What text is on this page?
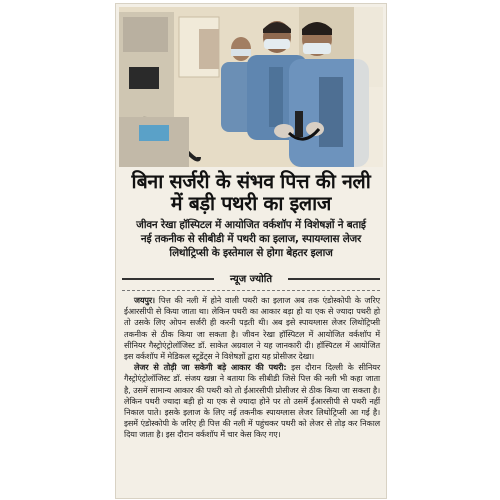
बिना सर्जरी के संभव पित्त की नली
में बड़ी पथरी का इलाज
जीवन रेखा हॉस्पिटल में आयोजित वर्कशॉप में विशेषज्ञों ने बताई
नई तकनीक से सीबीडी में पथरी का इलाज, स्पायग्लास लेजर
लिथोट्रिप्सी के इस्तेमाल से होगा बेहतर इलाज
न्यूज ज्योति

जयपुर। पित्त की नली में होने वाली पथरी का इलाज अब तक एंडोस्कोपी के जरिए ईआरसीपी से किया जाता था। लेकिन पथरी का आकार बड़ा हो या एक से ज्यादा पथरी हो तो उसके लिए ओपन सर्जरी ही करनी पड़ती थी। अब इसे स्पायग्लास लेजर लिथोट्रिप्सी तकनीक से ठीक किया जा सकता है। जीवन रेखा हॉस्पिटल में आयोजित वर्कशॉप में सीनियर गैस्ट्रोएंट्रोलॉजिस्ट डॉ. साकेत अग्रवाल ने यह जानकारी दी। हॉस्पिटल में आयोजित इस वर्कशॉप में मेडिकल स्टूडेंट्स ने विशेषज्ञों द्वारा यह प्रोसीजर देखा।

लेजर से तोड़ी जा सकेगी बड़े आकार की पथरी: इस दौरान दिल्ली के सीनियर गैस्ट्रोएंट्रोलॉजिस्ट डॉ. संजय खन्ना ने बताया कि सीबीडी जिसे पित्त की नली भी कहा जाता है, उसमें सामान्य आकार की पथरी को तो ईआरसीपी प्रोसीजर से ठीक किया जा सकता है। लेकिन पथरी ज्यादा बड़ी हो या एक से ज्यादा होने पर तो उसमें ईआरसीपी से पथरी नहीं निकाल पाते। इसके इलाज के लिए नई तकनीक स्पायग्लास लेजर लिथोट्रिप्सी आ गई है। इसमें एंडोस्कोपी के जरिए ही पित्त की नली में पहुंचकर पथरी को लेजर से तोड़ कर निकाल दिया जाता है। इस दौरान वर्कशॉप में चार केस किए गए।
